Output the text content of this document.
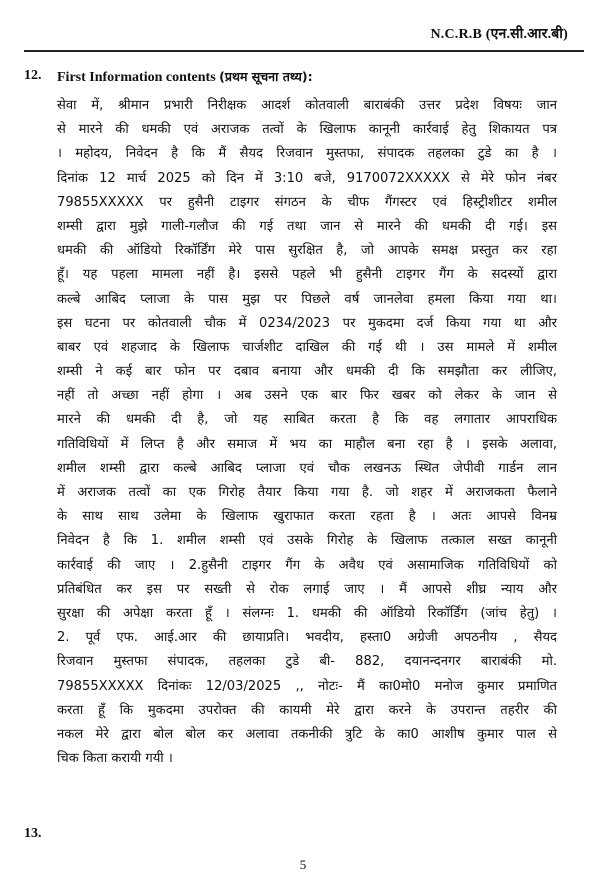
N.C.R.B (एन.सी.आर.बी)
12. First Information contents (प्रथम सूचना तथ्य):
सेवा में, श्रीमान प्रभारी निरीक्षक आदर्श कोतवाली बाराबंकी उत्तर प्रदेश विषयः जान
से मारने की धमकी एवं अराजक तत्वों के खिलाफ कानूनी कार्रवाई हेतु शिकायत पत्र
। महोदय, निवेदन है कि मैं सैयद रिजवान मुस्तफा, संपादक तहलका टुडे का है ।
दिनांक 12 मार्च 2025 को दिन में 3:10 बजे, 9170072XXXXX से मेरे फोन नंबर
79855XXXXX पर हुसैनी टाइगर संगठन के चीफ गैंगस्टर एवं हिस्ट्रीशीटर शमील
शम्सी द्वारा मुझे गाली-गलौज की गई तथा जान से मारने की धमकी दी गई। इस
धमकी की ऑडियो रिकॉर्डिंग मेरे पास सुरक्षित है, जो आपके समक्ष प्रस्तुत कर रहा
हूँ। यह पहला मामला नहीं है। इससे पहले भी हुसैनी टाइगर गैंग के सदस्यों द्वारा
कल्बे आबिद प्लाजा के पास मुझ पर पिछले वर्ष जानलेवा हमला किया गया था।
इस घटना पर कोतवाली चौक में 0234/2023 पर मुकदमा दर्ज किया गया था और
बाबर एवं शहजाद के खिलाफ चार्जशीट दाखिल की गई थी । उस मामले में शमील
शम्सी ने कई बार फोन पर दबाव बनाया और धमकी दी कि समझौता कर लीजिए,
नहीं तो अच्छा नहीं होगा । अब उसने एक बार फिर खबर को लेकर के जान से
मारने की धमकी दी है, जो यह साबित करता है कि वह लगातार आपराधिक
गतिविधियों में लिप्त है और समाज में भय का माहौल बना रहा है । इसके अलावा,
शमील शम्सी द्वारा कल्बे आबिद प्लाजा एवं चौक लखनऊ स्थित जेपीवी गार्डन लान
में अराजक तत्वों का एक गिरोह तैयार किया गया है. जो शहर में अराजकता फैलाने
के साथ साथ उलेमा के खिलाफ खुराफात करता रहता है । अतः आपसे विनम्र
निवेदन है कि 1. शमील शम्सी एवं उसके गिरोह के खिलाफ तत्काल सख्त कानूनी
कार्रवाई की जाए । 2.हुसैनी टाइगर गैंग के अवैध एवं असामाजिक गतिविधियों को
प्रतिबंधित कर इस पर सख्ती से रोक लगाई जाए । मैं आपसे शीघ्र न्याय और
सुरक्षा की अपेक्षा करता हूँ । संलग्नः 1. धमकी की ऑडियो रिकॉर्डिंग (जांच हेतु) ।
2. पूर्व एफ. आई.आर की छायाप्रति। भवदीय, हस्ता0 अग्रेजी अपठनीय , सैयद
रिजवान मुस्तफा संपादक, तहलका टुडे बी- 882, दयानन्दनगर बाराबंकी मो.
79855XXXXX दिनांकः 12/03/2025 ,, नोटः- मैं का0मो0 मनोज कुमार प्रमाणित
करता हूँ कि मुकदमा उपरोक्त की कायमी मेरे द्वारा करने के उपरान्त तहरीर की
नकल मेरे द्वारा बोल बोल कर अलावा तकनीकी त्रुटि के का0 आशीष कुमार पाल से
चिक किता करायी गयी ।
13.
5
